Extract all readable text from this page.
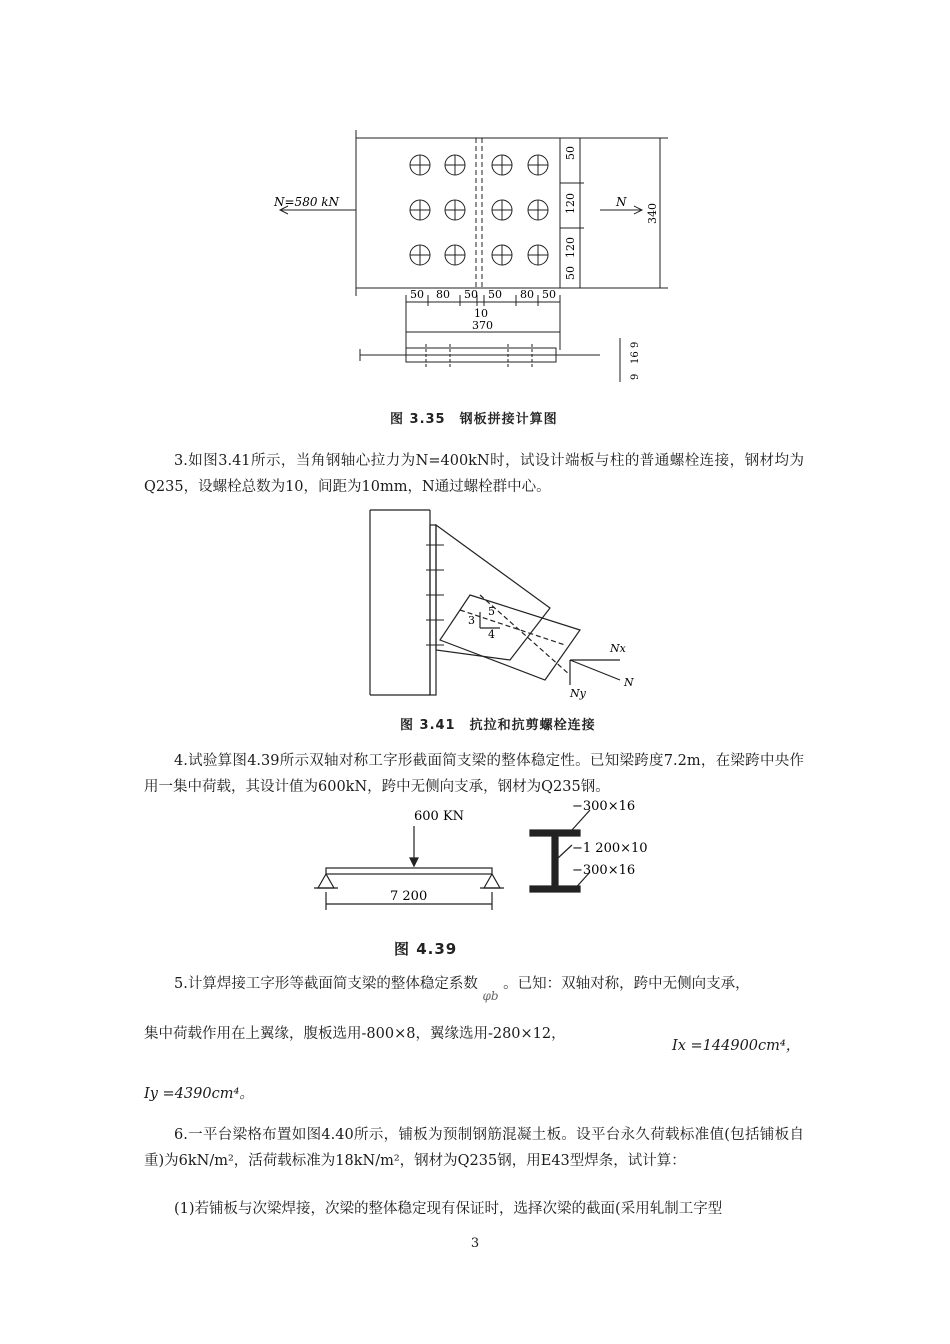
N=580 kN	N
50
120
120
50
340
50 80 50 50 80 50
10
370
9
16
9
图 3.35　钢板拼接计算图

3.如图3.41所示，当角钢轴心拉力为N=400kN时，试设计端板与柱的普通螺栓连接，钢材均为Q235，设螺栓总数为10，间距为10mm，N通过螺栓群中心。

3
5
4
Nx
N
Ny
图 3.41　抗拉和抗剪螺栓连接

4.试验算图4.39所示双轴对称工字形截面简支梁的整体稳定性。已知梁跨度7.2m，在梁跨中央作用一集中荷载，其设计值为600kN，跨中无侧向支承，钢材为Q235钢。

600 KN
7 200
−300×16
−1 200×10
−300×16
图 4.39
5.计算焊接工字形等截面简支梁的整体稳定系数 $_{\varphi b}$ 。已知：双轴对称，跨中无侧向支承，
集中荷载作用在上翼缘，腹板选用-800×8，翼缘选用-280×12，
Ix =144900cm⁴，
Iy =4390cm⁴。

6.一平台梁格布置如图4.40所示，铺板为预制钢筋混凝土板。设平台永久荷载标准值(包括铺板自重)为6kN/m²，活荷载标准为18kN/m²，钢材为Q235钢，用E43型焊条，试计算：

(1)若铺板与次梁焊接，次梁的整体稳定现有保证时，选择次梁的截面(采用轧制工字型

3
